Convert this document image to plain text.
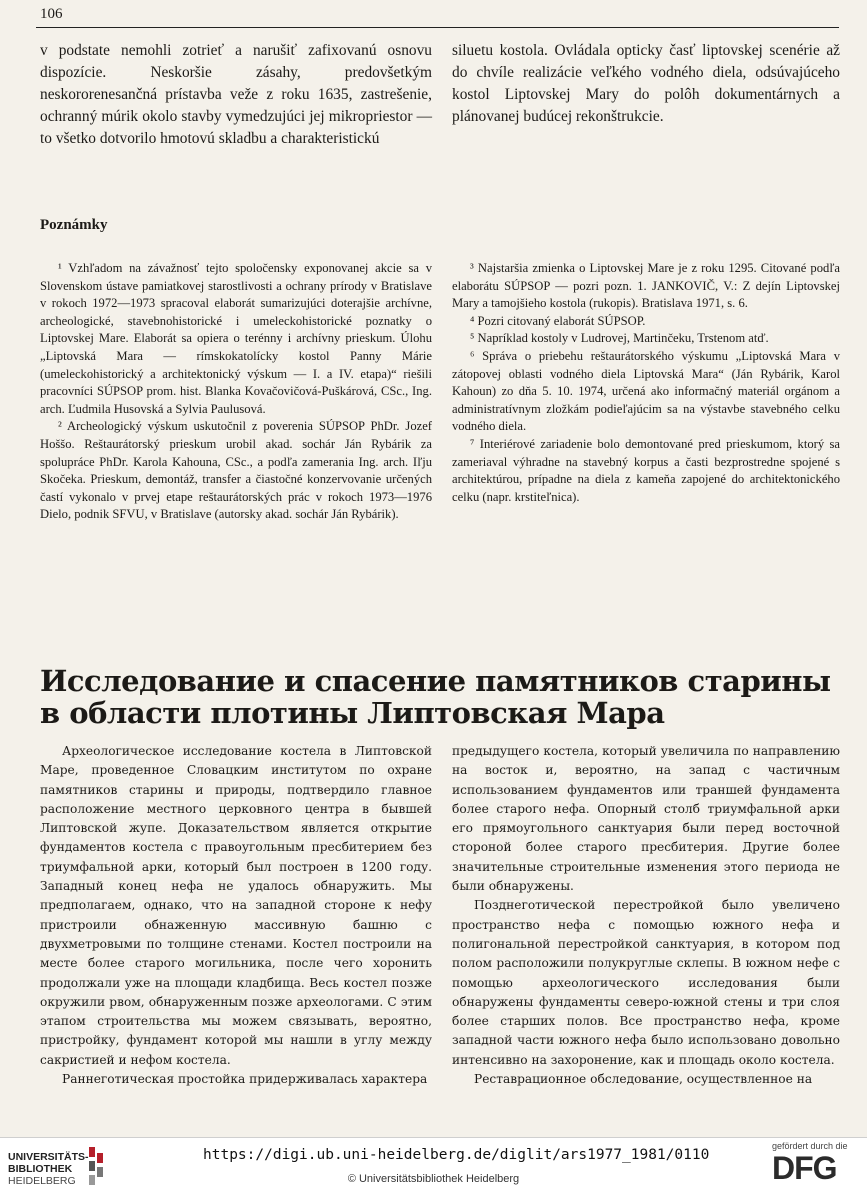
106

v podstate nemohli zotrieť a narušiť zafixovanú osnovu dispozície. Neskoršie zásahy, predovšetkým neskororenesančná prístavba veže z roku 1635, zastrešenie, ochranný múrik okolo stavby vymedzujúci jej mikropriestor — to všetko dotvorilo hmotovú skladbu a charakteristickú

siluetu kostola. Ovládala opticky časť liptovskej scenérie až do chvíle realizácie veľkého vodného diela, odsúvajúceho kostol Liptovskej Mary do polôh dokumentárnych a plánovanej budúcej rekonštrukcie.

Poznámky

¹ Vzhľadom na závažnosť tejto spoločensky exponovanej akcie sa v Slovenskom ústave pamiatkovej starostlivosti a ochrany prírody v Bratislave v rokoch 1972—1973 spracoval elaborát sumarizujúci doterajšie archívne, archeologické, stavebnohistorické i umeleckohistorické poznatky o Liptovskej Mare. Elaborát sa opiera o terénny i archívny prieskum. Úlohu „Liptovská Mara — rímskokatolícky kostol Panny Márie (umeleckohistorický a architektonický výskum — I. a IV. etapa)“ riešili pracovníci SÚPSOP prom. hist. Blanka Kovačovičová-Puškárová, CSc., Ing. arch. Ľudmila Husovská a Sylvia Paulusová.

² Archeologický výskum uskutočnil z poverenia SÚPSOP PhDr. Jozef Hoššo. Reštaurátorský prieskum urobil akad. sochár Ján Rybárik za spolupráce PhDr. Karola Kahouna, CSc., a podľa zamerania Ing. arch. Iľju Skočeka. Prieskum, demontáž, transfer a čiastočné konzervovanie určených častí vykonalo v prvej etape reštaurátorských prác v rokoch 1973—1976 Dielo, podnik SFVU, v Bratislave (autorsky akad. sochár Ján Rybárik).

³ Najstaršia zmienka o Liptovskej Mare je z roku 1295. Citované podľa elaborátu SÚPSOP — pozri pozn. 1. JANKOVIČ, V.: Z dejín Liptovskej Mary a tamojšieho kostola (rukopis). Bratislava 1971, s. 6.

⁴ Pozri citovaný elaborát SÚPSOP.

⁵ Napríklad kostoly v Ludrovej, Martinčeku, Trstenom atď.

⁶ Správa o priebehu reštaurátorského výskumu „Liptovská Mara v zátopovej oblasti vodného diela Liptovská Mara“ (Ján Rybárik, Karol Kahoun) zo dňa 5. 10. 1974, určená ako informačný materiál orgánom a administratívnym zložkám podieľajúcim sa na výstavbe stavebného celku vodného diela.

⁷ Interiérové zariadenie bolo demontované pred prieskumom, ktorý sa zameriaval výhradne na stavebný korpus a časti bezprostredne spojené s architektúrou, prípadne na diela z kameňa zapojené do architektonického celku (napr. krstiteľnica).

Исследование и спасение памятников старины
в области плотины Липтовская Мара

Археологическое исследование костела в Липтовской Маре, проведенное Словацким институтом по охране памятников старины и природы, подтвердило главное расположение местного церковного центра в бывшей Липтовской жупе. Доказательством является открытие фундаментов костела с правоугольным пресбитерием без триумфальной арки, который был построен в 1200 году. Западный конец нефа не удалось обнаружить. Мы предполагаем, однако, что на западной стороне к нефу пристроили обнаженную массивную башню с двухметровыми по толщине стенами. Костел построили на месте более старого могильника, после чего хоронить продолжали уже на площади кладбища. Весь костел позже окружили рвом, обнаруженным позже археологами. С этим этапом строительства мы можем связывать, вероятно, пристройку, фундамент которой мы нашли в углу между сакристией и нефом костела.

Раннеготическая простойка придерживалась характера

предыдущего костела, который увеличила по направлению на восток и, вероятно, на запад с частичным использованием фундаментов или траншей фундамента более старого нефа. Опорный столб триумфальной арки его прямоугольного санктуария были перед восточной стороной более старого пресбитерия. Другие более значительные строительные изменения этого периода не были обнаружены.

Позднеготической перестройкой было увеличено пространство нефа с помощью южного нефа и полигональной перестройкой санктуария, в котором под полом расположили полукруглые склепы. В южном нефе с помощью археологического исследования были обнаружены фундаменты северо-южной стены и три слоя более старших полов. Все пространство нефа, кроме западной части южного нефа было использовано довольно интенсивно на захоронение, как и площадь около костела.

Реставрационное обследование, осуществленное на

UNIVERSITÄTS-
BIBLIOTHEK
HEIDELBERG
https://digi.ub.uni-heidelberg.de/diglit/ars1977_1981/0110
© Universitätsbibliothek Heidelberg
gefördert durch die
DFG
